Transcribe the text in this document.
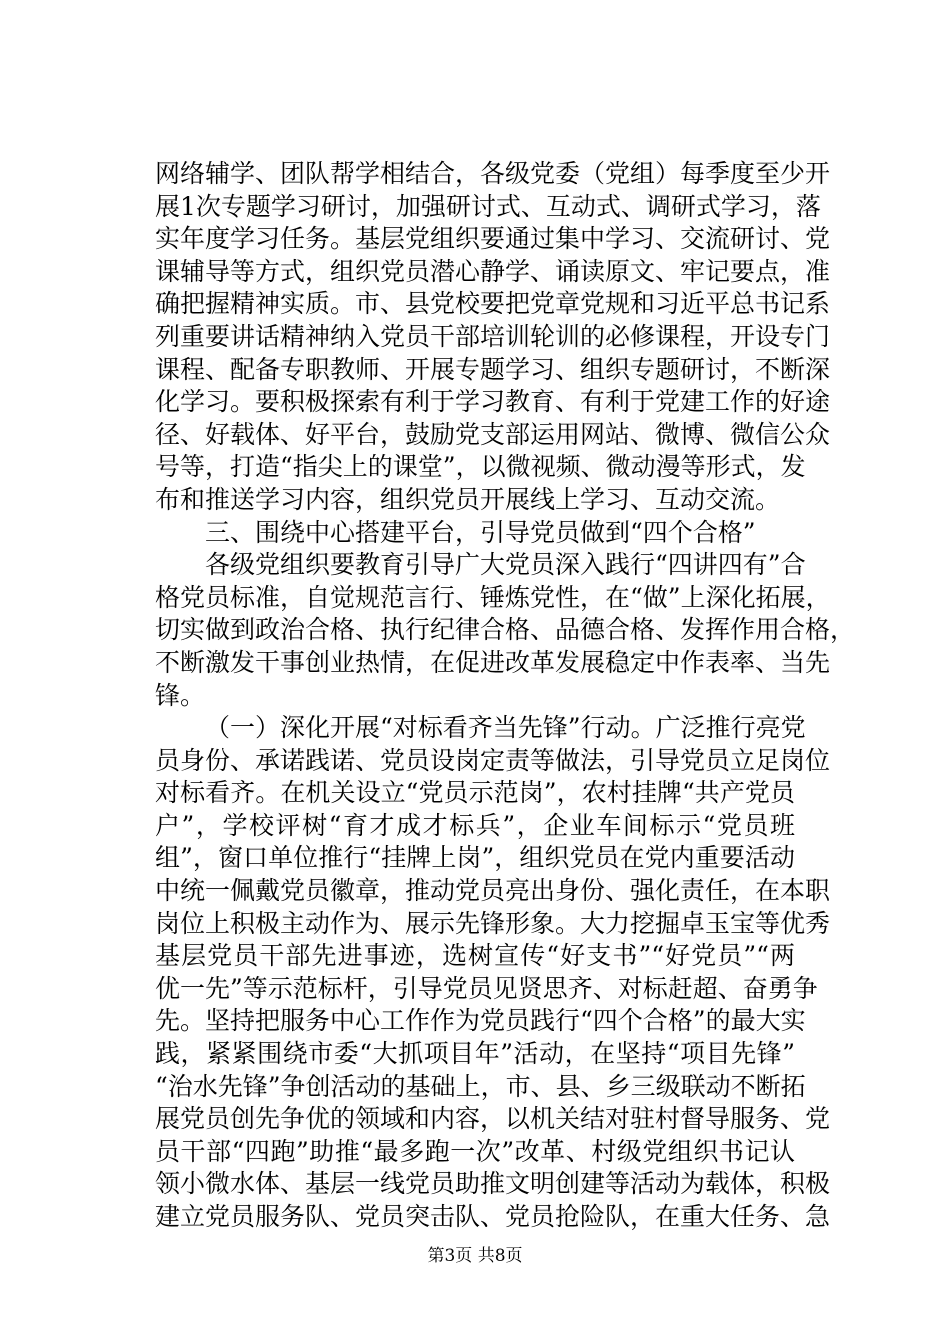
网络辅学、团队帮学相结合，各级党委（党组）每季度至少开
展1次专题学习研讨，加强研讨式、互动式、调研式学习，落
实年度学习任务。基层党组织要通过集中学习、交流研讨、党
课辅导等方式，组织党员潜心静学、诵读原文、牢记要点，准
确把握精神实质。市、县党校要把党章党规和习近平总书记系
列重要讲话精神纳入党员干部培训轮训的必修课程，开设专门
课程、配备专职教师、开展专题学习、组织专题研讨，不断深
化学习。要积极探索有利于学习教育、有利于党建工作的好途
径、好载体、好平台，鼓励党支部运用网站、微博、微信公众
号等，打造“指尖上的课堂”，以微视频、微动漫等形式，发
布和推送学习内容，组织党员开展线上学习、互动交流。
三、围绕中心搭建平台，引导党员做到“四个合格”
各级党组织要教育引导广大党员深入践行“四讲四有”合
格党员标准，自觉规范言行、锤炼党性，在“做”上深化拓展，
切实做到政治合格、执行纪律合格、品德合格、发挥作用合格，
不断激发干事创业热情，在促进改革发展稳定中作表率、当先
锋。
（一）深化开展“对标看齐当先锋”行动。广泛推行亮党
员身份、承诺践诺、党员设岗定责等做法，引导党员立足岗位
对标看齐。在机关设立“党员示范岗”，农村挂牌“共产党员
户”，学校评树“育才成才标兵”，企业车间标示“党员班
组”，窗口单位推行“挂牌上岗”，组织党员在党内重要活动
中统一佩戴党员徽章，推动党员亮出身份、强化责任，在本职
岗位上积极主动作为、展示先锋形象。大力挖掘卓玉宝等优秀
基层党员干部先进事迹，选树宣传“好支书”“好党员”“两
优一先”等示范标杆，引导党员见贤思齐、对标赶超、奋勇争
先。坚持把服务中心工作作为党员践行“四个合格”的最大实
践，紧紧围绕市委“大抓项目年”活动，在坚持“项目先锋”
“治水先锋”争创活动的基础上，市、县、乡三级联动不断拓
展党员创先争优的领域和内容，以机关结对驻村督导服务、党
员干部“四跑”助推“最多跑一次”改革、村级党组织书记认
领小微水体、基层一线党员助推文明创建等活动为载体，积极
建立党员服务队、党员突击队、党员抢险队，在重大任务、急
第3页 共8页
